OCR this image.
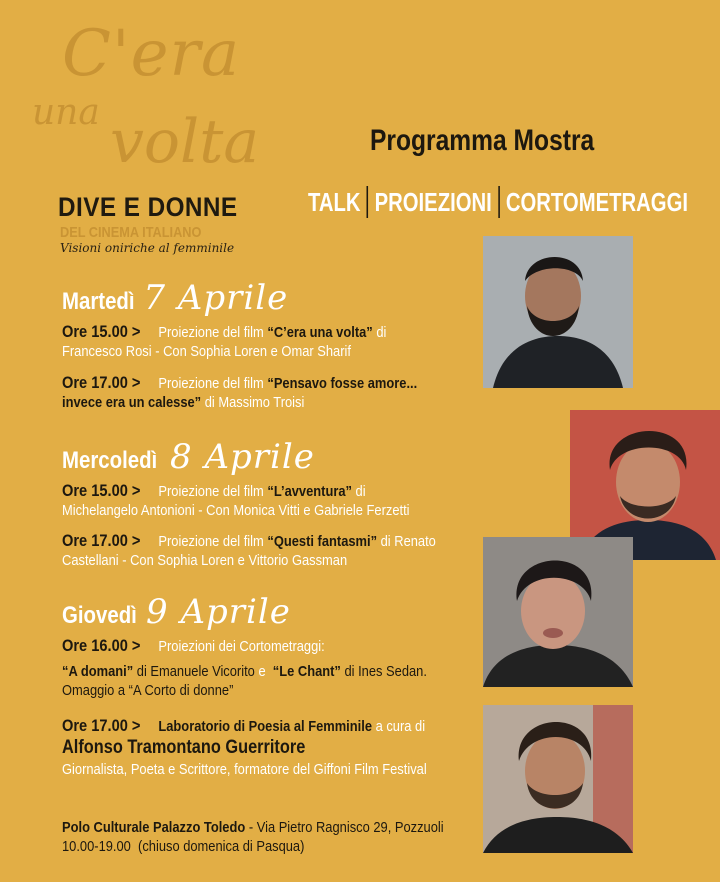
C'era
una volta
DIVE E DONNE
DEL CINEMA ITALIANO
Visioni oniriche al femminile
Programma Mostra
TALK PROIEZIONI CORTOMETRAGGI
Martedì 7 Aprile
Ore 15.00 > Proiezione del film “C’era una volta” di
Francesco Rosi - Con Sophia Loren e Omar Sharif
Ore 17.00 > Proiezione del film “Pensavo fosse amore...
invece era un calesse” di Massimo Troisi
Mercoledì 8 Aprile
Ore 15.00 > Proiezione del film “L’avventura” di
Michelangelo Antonioni - Con Monica Vitti e Gabriele Ferzetti
Ore 17.00 > Proiezione del film “Questi fantasmi” di Renato
Castellani - Con Sophia Loren e Vittorio Gassman
Giovedì 9 Aprile
Ore 16.00 > Proiezioni dei Cortometraggi:
“A domani” di Emanuele Vicorito e “Le Chant” di Ines Sedan.
Omaggio a “A Corto di donne”
Ore 17.00 > Laboratorio di Poesia al Femminile a cura di
Alfonso Tramontano Guerritore
Giornalista, Poeta e Scrittore, formatore del Giffoni Film Festival
Polo Culturale Palazzo Toledo - Via Pietro Ragnisco 29, Pozzuoli
10.00-19.00 (chiuso domenica di Pasqua)
